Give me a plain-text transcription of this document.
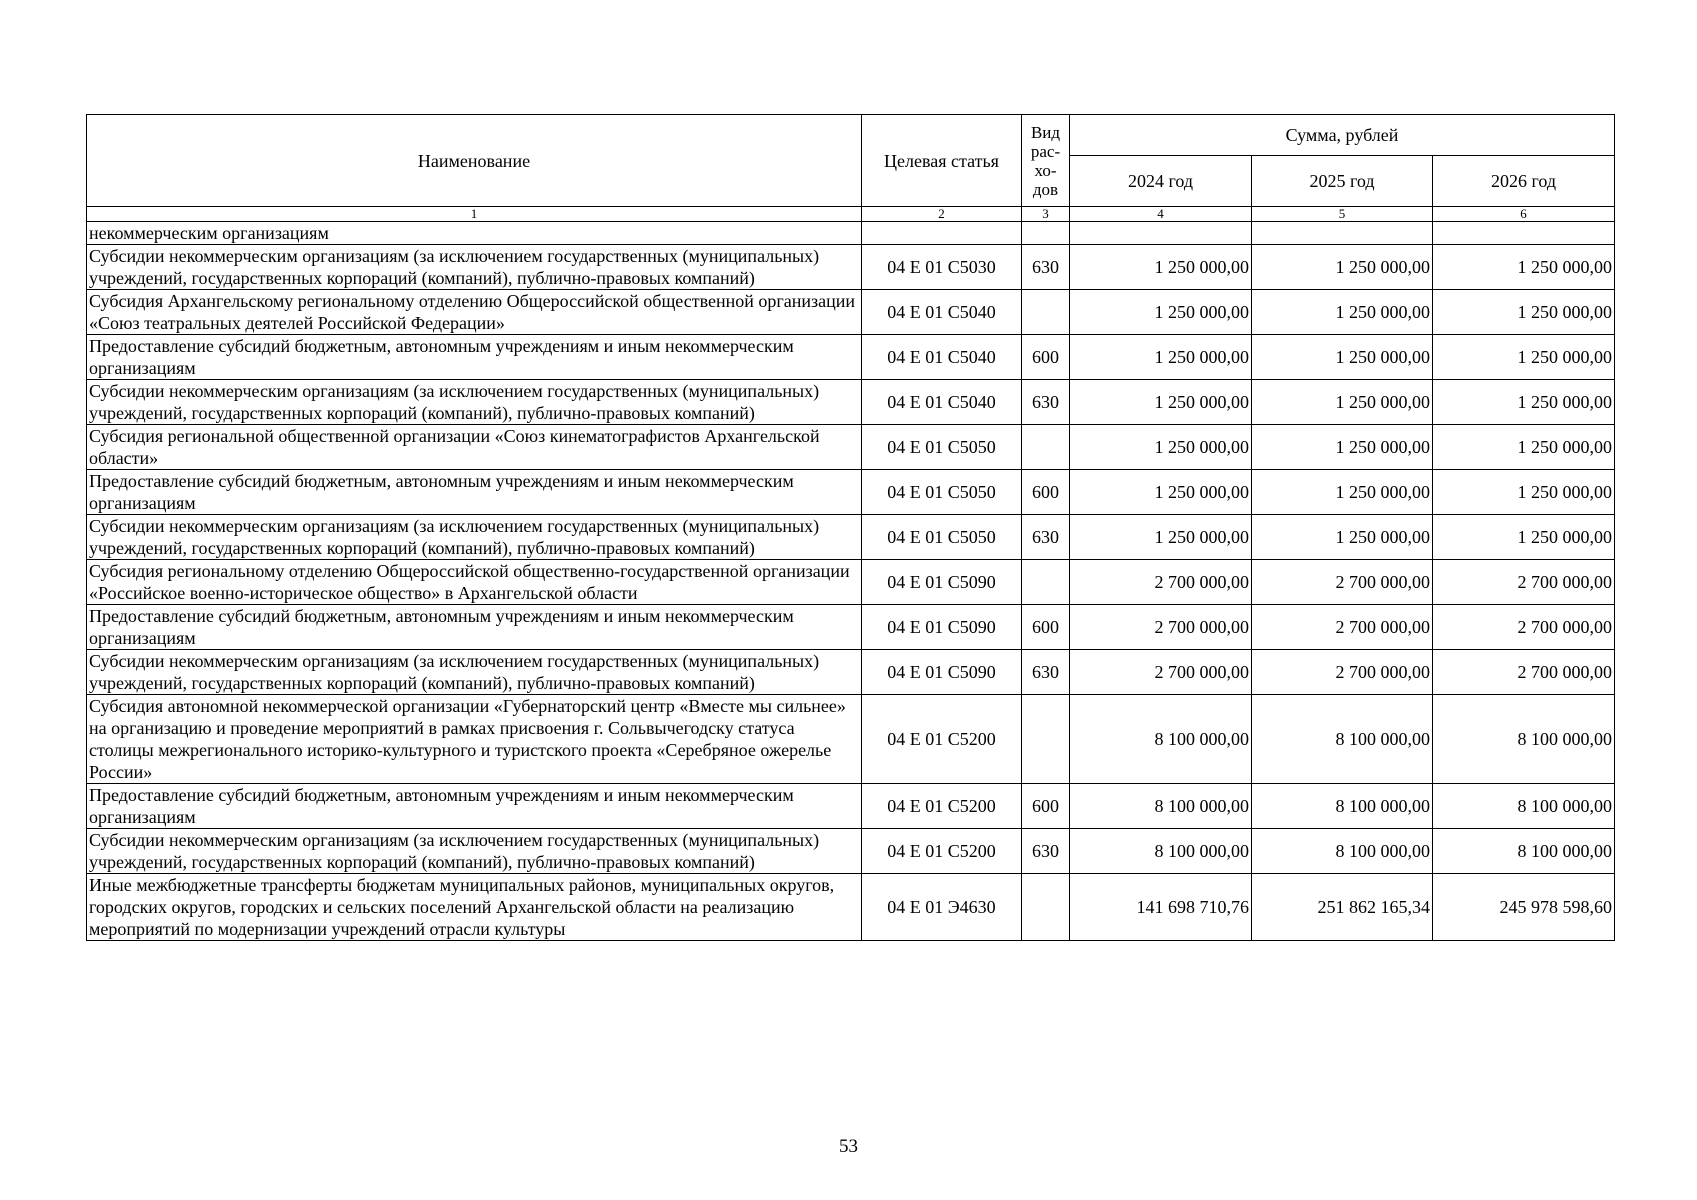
Наименование	Целевая статья	Вид рас-хо-дов	Сумма, рублей		
			2024 год	2025 год	2026 год
1	2	3	4	5	6
некоммерческим организациям					
Субсидии некоммерческим организациям (за исключением государственных (муниципальных) учреждений, государственных корпораций (компаний), публично-правовых компаний)	04 Е 01 С5030	630	1 250 000,00	1 250 000,00	1 250 000,00
Субсидия Архангельскому региональному отделению Общероссийской общественной организации «Союз театральных деятелей Российской Федерации»	04 Е 01 С5040		1 250 000,00	1 250 000,00	1 250 000,00
Предоставление субсидий бюджетным, автономным учреждениям и иным некоммерческим организациям	04 Е 01 С5040	600	1 250 000,00	1 250 000,00	1 250 000,00
Субсидии некоммерческим организациям (за исключением государственных (муниципальных) учреждений, государственных корпораций (компаний), публично-правовых компаний)	04 Е 01 С5040	630	1 250 000,00	1 250 000,00	1 250 000,00
Субсидия региональной общественной организации «Союз кинематографистов Архангельской области»	04 Е 01 С5050		1 250 000,00	1 250 000,00	1 250 000,00
Предоставление субсидий бюджетным, автономным учреждениям и иным некоммерческим организациям	04 Е 01 С5050	600	1 250 000,00	1 250 000,00	1 250 000,00
Субсидии некоммерческим организациям (за исключением государственных (муниципальных) учреждений, государственных корпораций (компаний), публично-правовых компаний)	04 Е 01 С5050	630	1 250 000,00	1 250 000,00	1 250 000,00
Субсидия региональному отделению Общероссийской общественно-государственной организации «Российское военно-историческое общество» в Архангельской области	04 Е 01 С5090		2 700 000,00	2 700 000,00	2 700 000,00
Предоставление субсидий бюджетным, автономным учреждениям и иным некоммерческим организациям	04 Е 01 С5090	600	2 700 000,00	2 700 000,00	2 700 000,00
Субсидии некоммерческим организациям (за исключением государственных (муниципальных) учреждений, государственных корпораций (компаний), публично-правовых компаний)	04 Е 01 С5090	630	2 700 000,00	2 700 000,00	2 700 000,00
Субсидия автономной некоммерческой организации «Губернаторский центр «Вместе мы сильнее» на организацию и проведение мероприятий в рамках присвоения г. Сольвычегодску статуса столицы межрегионального историко-культурного и туристского проекта «Серебряное ожерелье России»	04 Е 01 С5200		8 100 000,00	8 100 000,00	8 100 000,00
Предоставление субсидий бюджетным, автономным учреждениям и иным некоммерческим организациям	04 Е 01 С5200	600	8 100 000,00	8 100 000,00	8 100 000,00
Субсидии некоммерческим организациям (за исключением государственных (муниципальных) учреждений, государственных корпораций (компаний), публично-правовых компаний)	04 Е 01 С5200	630	8 100 000,00	8 100 000,00	8 100 000,00
Иные межбюджетные трансферты бюджетам муниципальных районов, муниципальных округов, городских округов, городских и сельских поселений Архангельской области на реализацию мероприятий по модернизации учреждений отрасли культуры	04 Е 01 Э4630		141 698 710,76	251 862 165,34	245 978 598,60
53
